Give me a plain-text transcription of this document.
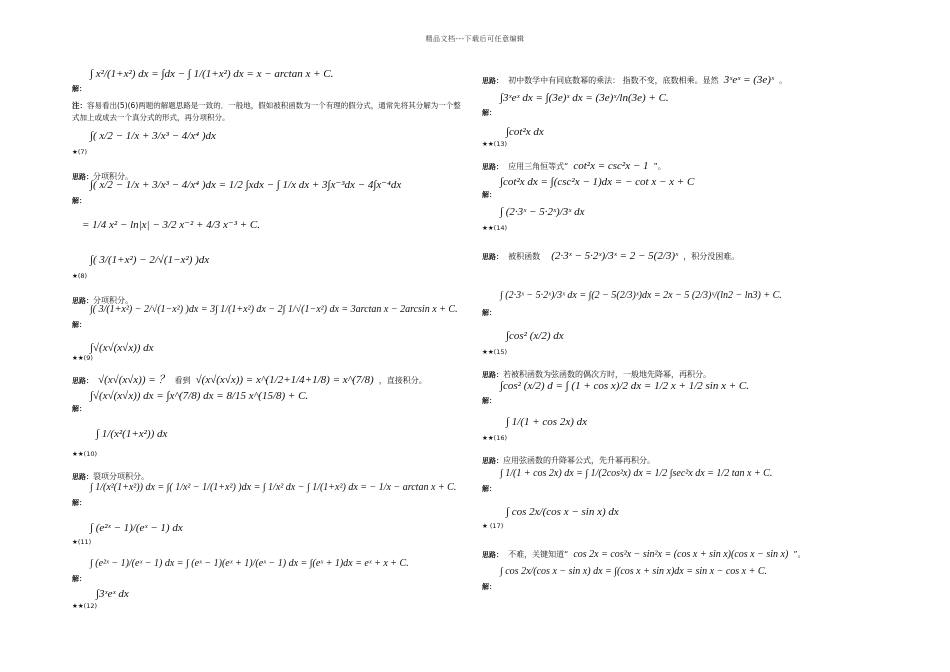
精品文档---下载后可任意编辑
∫ x²/(1+x²) dx = ∫dx − ∫ 1/(1+x²) dx = x − arctan x + C.
解：
注：容易看出(5)(6)两题的解题思路是一致的．一般地，假如被积函数为一个有理的假分式，通常先将其分解为一个整式加上或成去一个真分式的形式，再分项积分。
∫( x/2 − 1/x + 3/x³ − 4/x⁴ )dx
★(7)
思路：分项积分。
∫( x/2 − 1/x + 3/x³ − 4/x⁴ )dx = 1/2 ∫xdx − ∫ 1/x dx + 3∫x⁻³dx − 4∫x⁻⁴dx
解：
= 1/4 x² − ln|x| − 3/2 x⁻² + 4/3 x⁻³ + C.
∫( 3/(1+x²) − 2/√(1−x²) )dx
★(8)
思路：分项积分。
∫( 3/(1+x²) − 2/√(1−x²) )dx = 3∫ 1/(1+x²) dx − 2∫ 1/√(1−x²) dx = 3arctan x − 2arcsin x + C.
解：
∫√(x√(x√x)) dx
★★(9)
思路： √(x√(x√x)) = ？ 看到 √(x√(x√x)) = x^(1/2+1/4+1/8) = x^(7/8) ，直接积分。
∫√(x√(x√x)) dx = ∫x^(7/8) dx = 8/15 x^(15/8) + C.
解：
∫ 1/(x²(1+x²)) dx
★★(10)
思路：裂项分项积分。
∫ 1/(x²(1+x²)) dx = ∫( 1/x² − 1/(1+x²) )dx = ∫ 1/x² dx − ∫ 1/(1+x²) dx = − 1/x − arctan x + C.
解：
∫ (e²ˣ − 1)/(eˣ − 1) dx
★(11)
∫ (e²ˣ − 1)/(eˣ − 1) dx = ∫ (eˣ − 1)(eˣ + 1)/(eˣ − 1) dx = ∫(eˣ + 1)dx = eˣ + x + C.
解：
∫3ˣeˣ dx
★★(12)
思路： 初中数学中有同底数幂的乘法： 指数不变，底数相乘。显然 3ˣeˣ = (3e)ˣ 。
∫3ˣeˣ dx = ∫(3e)ˣ dx = (3e)ˣ/ln(3e) + C.
解：
∫cot²x dx
★★(13)
思路： 应用三角恒等式“ cot²x = csc²x − 1 ”。
∫cot²x dx = ∫(csc²x − 1)dx = − cot x − x + C
解：
∫ (2·3ˣ − 5·2ˣ)/3ˣ dx
★★(14)
思路： 被积函数 (2·3ˣ − 5·2ˣ)/3ˣ = 2 − 5(2/3)ˣ ，积分没困难。
∫ (2·3ˣ − 5·2ˣ)/3ˣ dx = ∫(2 − 5(2/3)ˣ)dx = 2x − 5 (2/3)ˣ/(ln2 − ln3) + C.
解：
∫cos² (x/2) dx
★★(15)
思路：若被积函数为弦函数的偶次方时，一般地先降幂，再积分。
∫cos² (x/2) d = ∫ (1 + cos x)/2 dx = 1/2 x + 1/2 sin x + C.
解：
∫ 1/(1 + cos 2x) dx
★★(16)
思路：应用弦函数的升降幂公式，先升幂再积分。
∫ 1/(1 + cos 2x) dx = ∫ 1/(2cos²x) dx = 1/2 ∫sec²x dx = 1/2 tan x + C.
解：
∫ cos 2x/(cos x − sin x) dx
★ (17)
思路： 不难，关键知道“ cos 2x = cos²x − sin²x = (cos x + sin x)(cos x − sin x) ”。
∫ cos 2x/(cos x − sin x) dx = ∫(cos x + sin x)dx = sin x − cos x + C.
解：
